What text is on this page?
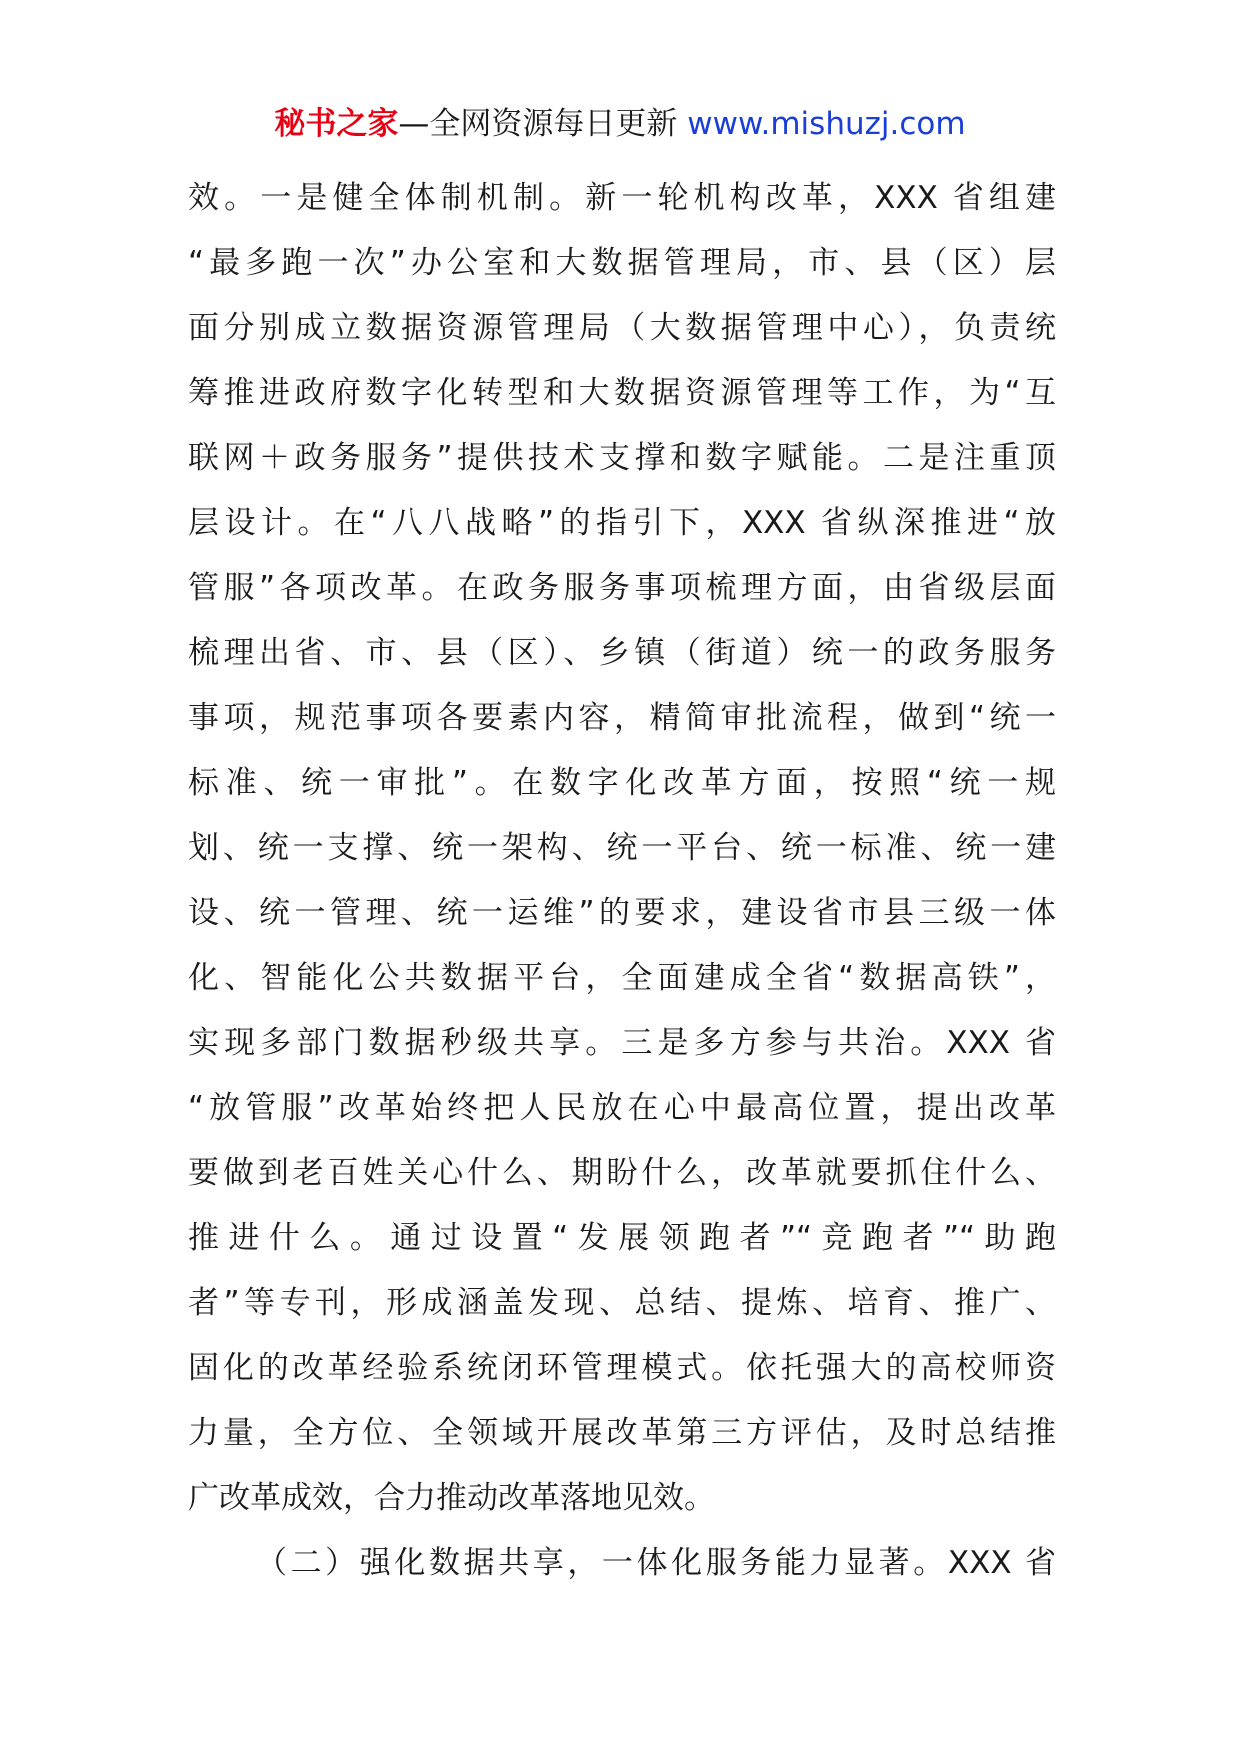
秘书之家—全网资源每日更新 www.mishuzj.com
效。一是健全体制机制。新一轮机构改革，XXX 省组建
“最多跑一次”办公室和大数据管理局，市、县（区）层
面分别成立数据资源管理局（大数据管理中心），负责统
筹推进政府数字化转型和大数据资源管理等工作，为“互
联网＋政务服务”提供技术支撑和数字赋能。二是注重顶
层设计。在“八八战略”的指引下，XXX 省纵深推进“放
管服”各项改革。在政务服务事项梳理方面，由省级层面
梳理出省、市、县（区）、乡镇（街道）统一的政务服务
事项，规范事项各要素内容，精简审批流程，做到“统一
标准、统一审批”。在数字化改革方面，按照“统一规
划、统一支撑、统一架构、统一平台、统一标准、统一建
设、统一管理、统一运维”的要求，建设省市县三级一体
化、智能化公共数据平台，全面建成全省“数据高铁”，
实现多部门数据秒级共享。三是多方参与共治。XXX 省
“放管服”改革始终把人民放在心中最高位置，提出改革
要做到老百姓关心什么、期盼什么，改革就要抓住什么、
推进什么。通过设置“发展领跑者”“竞跑者”“助跑
者”等专刊，形成涵盖发现、总结、提炼、培育、推广、
固化的改革经验系统闭环管理模式。依托强大的高校师资
力量，全方位、全领域开展改革第三方评估，及时总结推
广改革成效，合力推动改革落地见效。
（二）强化数据共享，一体化服务能力显著。XXX 省
